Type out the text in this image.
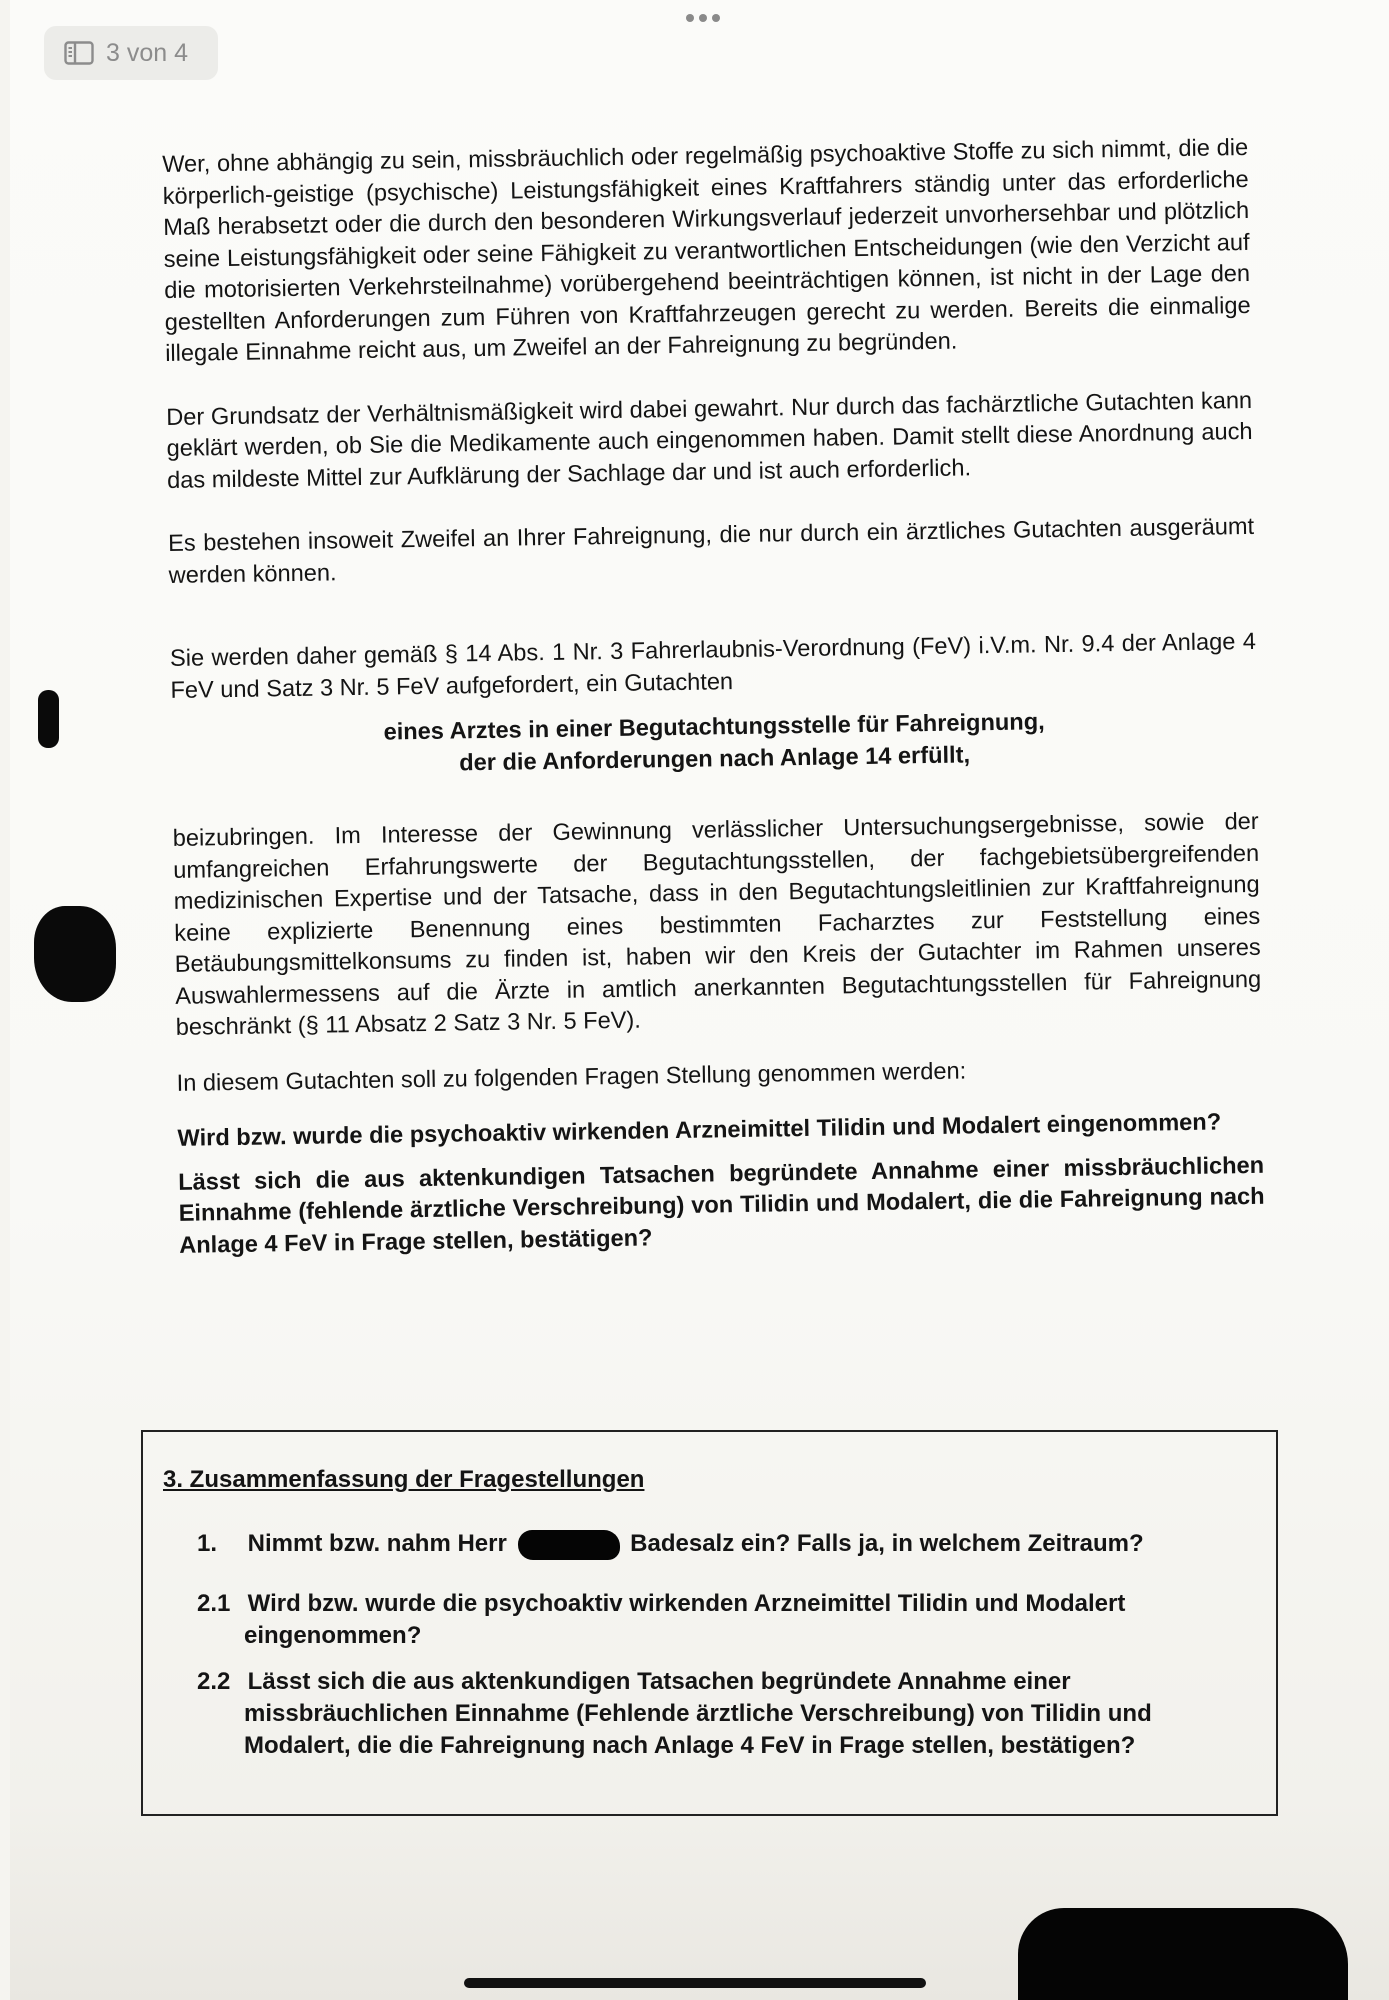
3 von 4

Wer, ohne abhängig zu sein, missbräuchlich oder regelmäßig psychoaktive Stoffe zu sich nimmt, die die körperlich-geistige (psychische) Leistungsfähigkeit eines Kraftfahrers ständig unter das erforderliche Maß herabsetzt oder die durch den besonderen Wirkungsverlauf jederzeit unvorhersehbar und plötzlich seine Leistungsfähigkeit oder seine Fähigkeit zu verantwortlichen Entscheidungen (wie den Verzicht auf die motorisierten Verkehrsteilnahme) vorübergehend beeinträchtigen können, ist nicht in der Lage den gestellten Anforderungen zum Führen von Kraftfahrzeugen gerecht zu werden. Bereits die einmalige illegale Einnahme reicht aus, um Zweifel an der Fahreignung zu begründen.

Der Grundsatz der Verhältnismäßigkeit wird dabei gewahrt. Nur durch das fachärztliche Gutachten kann geklärt werden, ob Sie die Medikamente auch eingenommen haben. Damit stellt diese Anordnung auch das mildeste Mittel zur Aufklärung der Sachlage dar und ist auch erforderlich.

Es bestehen insoweit Zweifel an Ihrer Fahreignung, die nur durch ein ärztliches Gutachten ausgeräumt werden können.

Sie werden daher gemäß § 14 Abs. 1 Nr. 3 Fahrerlaubnis-Verordnung (FeV) i.V.m. Nr. 9.4 der Anlage 4 FeV und Satz 3 Nr. 5 FeV aufgefordert, ein Gutachten

eines Arztes in einer Begutachtungsstelle für Fahreignung,

der die Anforderungen nach Anlage 14 erfüllt,

beizubringen. Im Interesse der Gewinnung verlässlicher Untersuchungsergebnisse, sowie der umfangreichen Erfahrungswerte der Begutachtungsstellen, der fachgebietsübergreifenden medizinischen Expertise und der Tatsache, dass in den Begutachtungsleitlinien zur Kraftfahreignung keine explizierte Benennung eines bestimmten Facharztes zur Feststellung eines Betäubungsmittelkonsums zu finden ist, haben wir den Kreis der Gutachter im Rahmen unseres Auswahlermessens auf die Ärzte in amtlich anerkannten Begutachtungsstellen für Fahreignung beschränkt (§ 11 Absatz 2 Satz 3 Nr. 5 FeV).

In diesem Gutachten soll zu folgenden Fragen Stellung genommen werden:

Wird bzw. wurde die psychoaktiv wirkenden Arzneimittel Tilidin und Modalert eingenommen?

Lässt sich die aus aktenkundigen Tatsachen begründete Annahme einer missbräuchlichen Einnahme (fehlende ärztliche Verschreibung) von Tilidin und Modalert, die die Fahreignung nach Anlage 4 FeV in Frage stellen, bestätigen?

3. Zusammenfassung der Fragestellungen
1. Nimmt bzw. nahm Herr	Badesalz ein? Falls ja, in welchem Zeitraum?
2.1 Wird bzw. wurde die psychoaktiv wirkenden Arzneimittel Tilidin und Modalert
eingenommen?
2.2 Lässt sich die aus aktenkundigen Tatsachen begründete Annahme einer
missbräuchlichen Einnahme (Fehlende ärztliche Verschreibung) von Tilidin und
Modalert, die die Fahreignung nach Anlage 4 FeV in Frage stellen, bestätigen?
